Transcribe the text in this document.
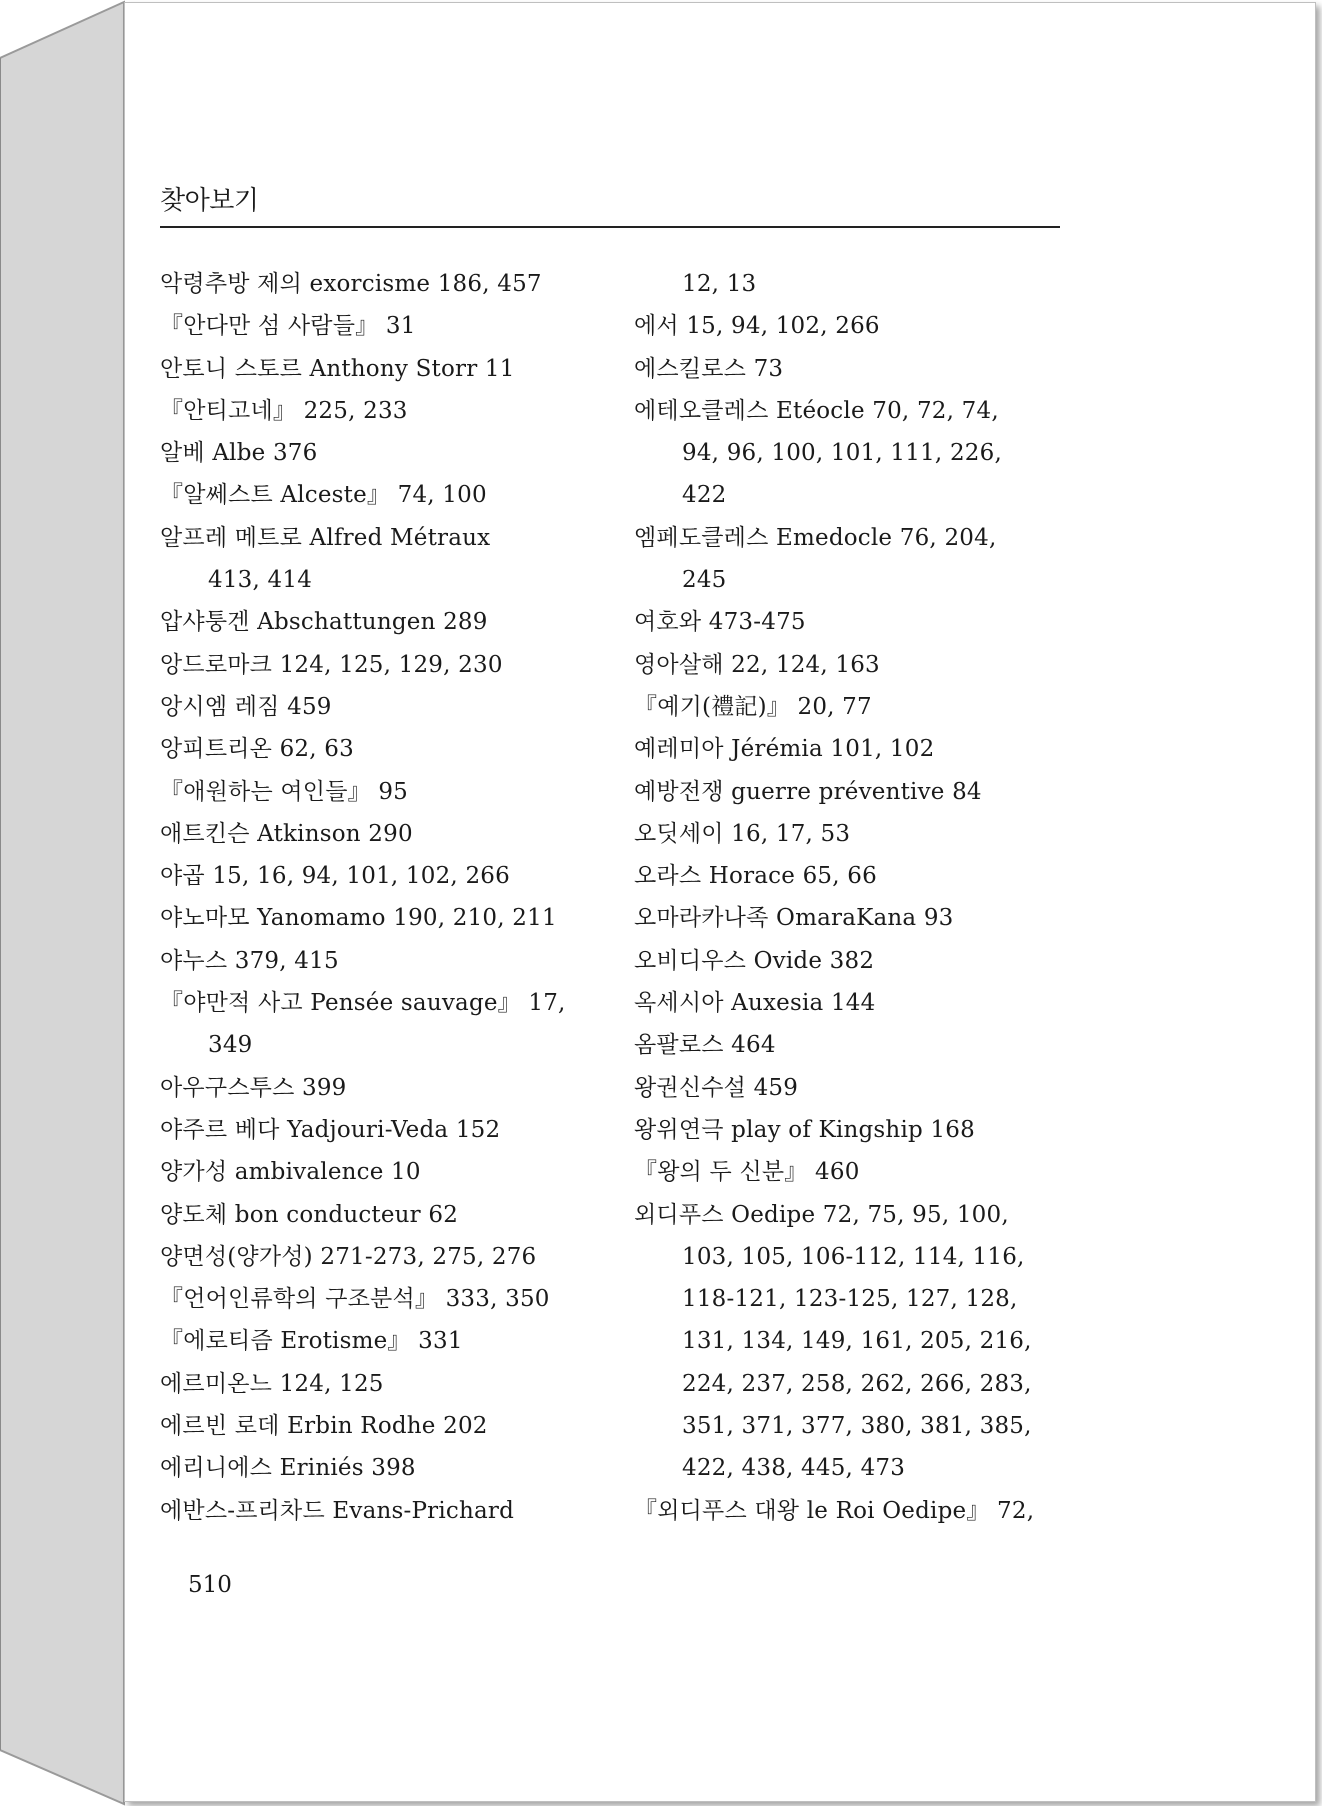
찾아보기
악령추방 제의 exorcisme 186, 457
『안다만 섬 사람들』 31
안토니 스토르 Anthony Storr 11
『안티고네』 225, 233
알베 Albe 376
『알쎄스트 Alceste』 74, 100
알프레 메트로 Alfred Métraux
413, 414
압샤퉁겐 Abschattungen 289
앙드로마크 124, 125, 129, 230
앙시엠 레짐 459
앙피트리온 62, 63
『애원하는 여인들』 95
애트킨슨 Atkinson 290
야곱 15, 16, 94, 101, 102, 266
야노마모 Yanomamo 190, 210, 211
야누스 379, 415
『야만적 사고 Pensée sauvage』 17,
349
아우구스투스 399
야주르 베다 Yadjouri-Veda 152
양가성 ambivalence 10
양도체 bon conducteur 62
양면성(양가성) 271-273, 275, 276
『언어인류학의 구조분석』 333, 350
『에로티즘 Erotisme』 331
에르미온느 124, 125
에르빈 로데 Erbin Rodhe 202
에리니에스 Eriniés 398
에반스-프리차드 Evans-Prichard
12, 13
에서 15, 94, 102, 266
에스킬로스 73
에테오클레스 Etéocle 70, 72, 74,
94, 96, 100, 101, 111, 226,
422
엠페도클레스 Emedocle 76, 204,
245
여호와 473-475
영아살해 22, 124, 163
『예기(禮記)』 20, 77
예레미아 Jérémia 101, 102
예방전쟁 guerre préventive 84
오딧세이 16, 17, 53
오라스 Horace 65, 66
오마라카나족 OmaraKana 93
오비디우스 Ovide 382
옥세시아 Auxesia 144
옴팔로스 464
왕권신수설 459
왕위연극 play of Kingship 168
『왕의 두 신분』 460
외디푸스 Oedipe 72, 75, 95, 100,
103, 105, 106-112, 114, 116,
118-121, 123-125, 127, 128,
131, 134, 149, 161, 205, 216,
224, 237, 258, 262, 266, 283,
351, 371, 377, 380, 381, 385,
422, 438, 445, 473
『외디푸스 대왕 le Roi Oedipe』 72,
510
